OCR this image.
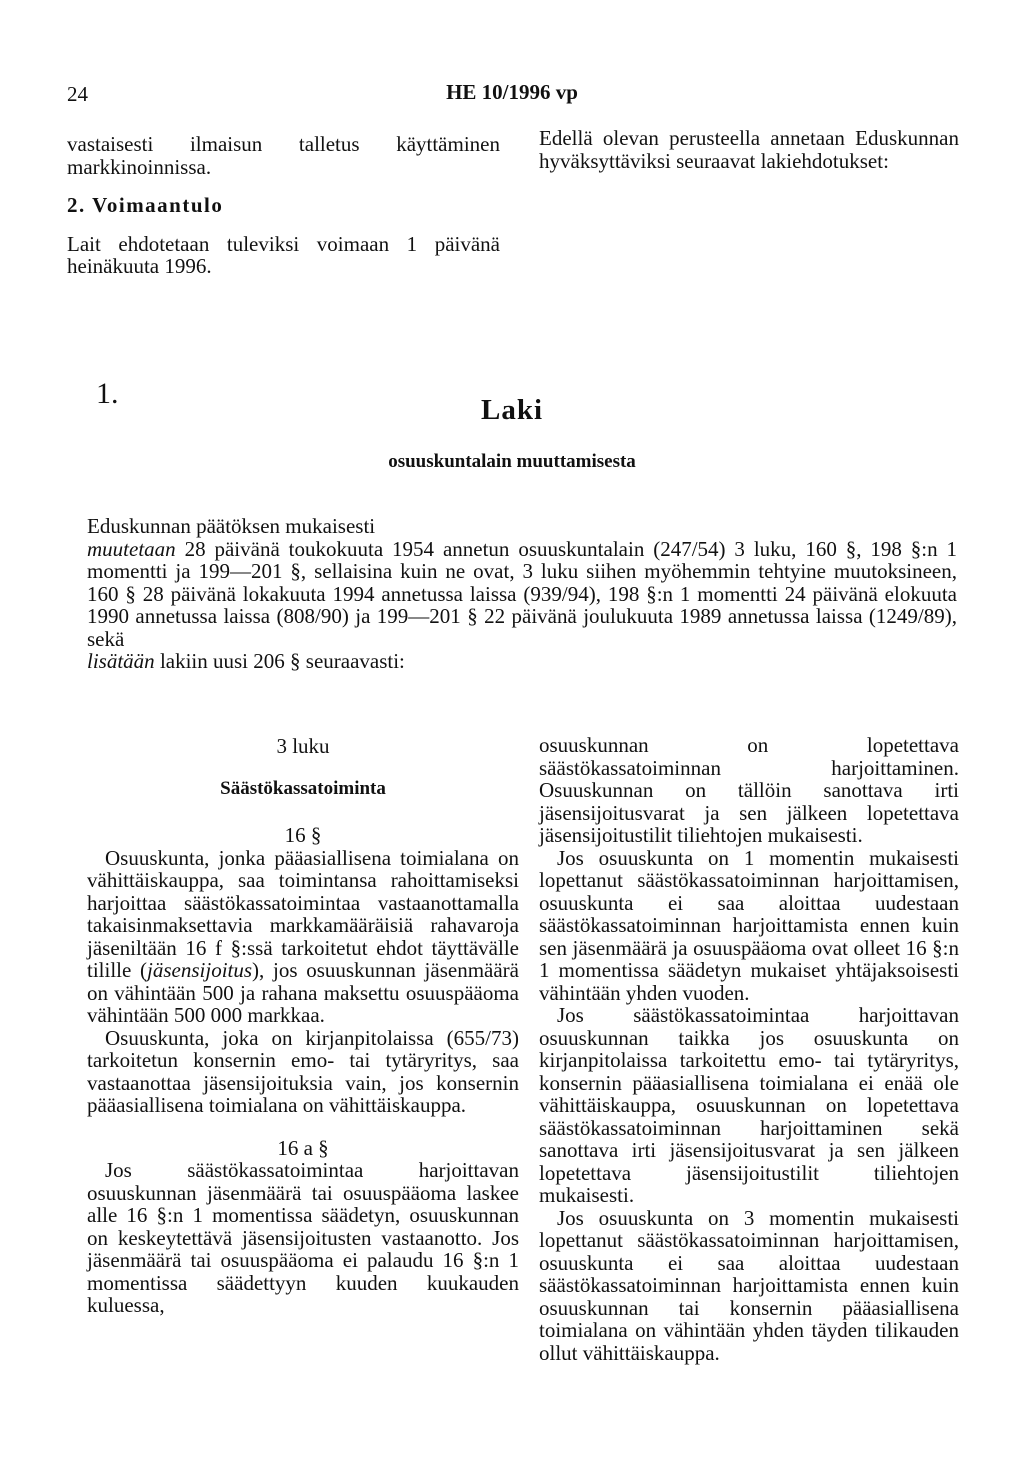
24	HE 10/1996 vp

vastaisesti ilmaisun talletus käyttäminen markkinoinnissa.

2. Voimaantulo

Lait ehdotetaan tuleviksi voimaan 1 päivänä heinäkuuta 1996.

Edellä olevan perusteella annetaan Eduskunnan hyväksyttäviksi seuraavat lakiehdotukset:

1.	Laki
osuuskuntalain muuttamisesta

Eduskunnan päätöksen mukaisesti

muutetaan 28 päivänä toukokuuta 1954 annetun osuuskuntalain (247/54) 3 luku, 160 §, 198 §:n 1 momentti ja 199—201 §, sellaisina kuin ne ovat, 3 luku siihen myöhemmin tehtyine muutoksineen, 160 § 28 päivänä lokakuuta 1994 annetussa laissa (939/94), 198 §:n 1 momentti 24 päivänä elokuuta 1990 annetussa laissa (808/90) ja 199—201 § 22 päivänä joulukuuta 1989 annetussa laissa (1249/89), sekä

lisätään lakiin uusi 206 § seuraavasti:

3 luku

Säästökassatoiminta

16 §

Osuuskunta, jonka pääasiallisena toimialana on vähittäiskauppa, saa toimintansa rahoittamiseksi harjoittaa säästökassatoimintaa vastaanottamalla takaisinmaksettavia markkamääräisiä rahavaroja jäseniltään 16 f §:ssä tarkoitetut ehdot täyttävälle tilille (jäsensijoitus), jos osuuskunnan jäsenmäärä on vähintään 500 ja rahana maksettu osuuspääoma vähintään 500 000 markkaa.

Osuuskunta, joka on kirjanpitolaissa (655/73) tarkoitetun konsernin emo- tai tytäryritys, saa vastaanottaa jäsensijoituksia vain, jos konsernin pääasiallisena toimialana on vähittäiskauppa.

16 a §

Jos säästökassatoimintaa harjoittavan osuuskunnan jäsenmäärä tai osuuspääoma laskee alle 16 §:n 1 momentissa säädetyn, osuuskunnan on keskeytettävä jäsensijoitusten vastaanotto. Jos jäsenmäärä tai osuuspääoma ei palaudu 16 §:n 1 momentissa säädettyyn kuuden kuukauden kuluessa,

osuuskunnan on lopetettava säästökassatoiminnan harjoittaminen. Osuuskunnan on tällöin sanottava irti jäsensijoitusvarat ja sen jälkeen lopetettava jäsensijoitustilit tiliehtojen mukaisesti.

Jos osuuskunta on 1 momentin mukaisesti lopettanut säästökassatoiminnan harjoittamisen, osuuskunta ei saa aloittaa uudestaan säästökassatoiminnan harjoittamista ennen kuin sen jäsenmäärä ja osuuspääoma ovat olleet 16 §:n 1 momentissa säädetyn mukaiset yhtäjaksoisesti vähintään yhden vuoden.

Jos säästökassatoimintaa harjoittavan osuuskunnan taikka jos osuuskunta on kirjanpitolaissa tarkoitettu emo- tai tytäryritys, konsernin pääasiallisena toimialana ei enää ole vähittäiskauppa, osuuskunnan on lopetettava säästökassatoiminnan harjoittaminen sekä sanottava irti jäsensijoitusvarat ja sen jälkeen lopetettava jäsensijoitustilit tiliehtojen mukaisesti.

Jos osuuskunta on 3 momentin mukaisesti lopettanut säästökassatoiminnan harjoittamisen, osuuskunta ei saa aloittaa uudestaan säästökassatoiminnan harjoittamista ennen kuin osuuskunnan tai konsernin pääasiallisena toimialana on vähintään yhden täyden tilikauden ollut vähittäiskauppa.
